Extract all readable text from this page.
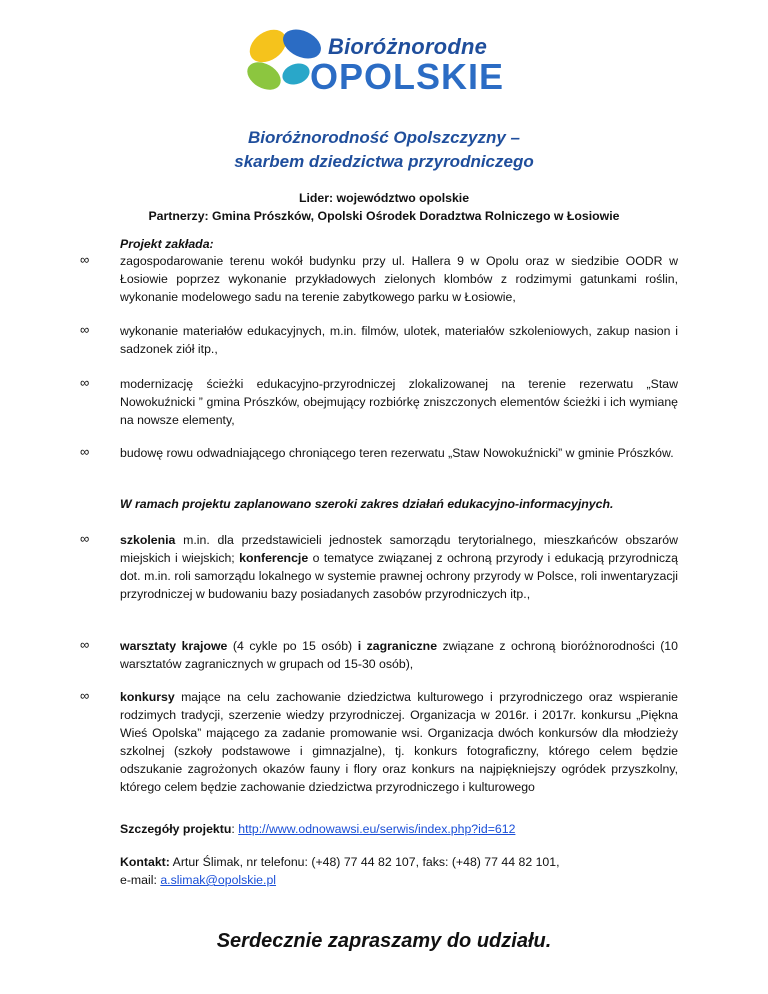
Bioróżnorodne
OPOLSKIE
Bioróżnorodność Opolszczyzny –
skarbem dziedzictwa przyrodniczego
Lider: województwo opolskie
Partnerzy: Gmina Prószków, Opolski Ośrodek Doradztwa Rolniczego w Łosiowie
Projekt zakłada:
∞ zagospodarowanie terenu wokół budynku przy ul. Hallera 9 w Opolu oraz w siedzibie OODR w Łosiowie poprzez wykonanie przykładowych zielonych klombów z rodzimymi gatunkami roślin, wykonanie modelowego sadu na terenie zabytkowego parku w Łosiowie,
∞ wykonanie materiałów edukacyjnych, m.in. filmów, ulotek, materiałów szkoleniowych, zakup nasion i sadzonek ziół itp.,
∞ modernizację ścieżki edukacyjno-przyrodniczej zlokalizowanej na terenie rezerwatu „Staw Nowokuźnicki ” gmina Prószków, obejmujący rozbiórkę zniszczonych elementów ścieżki i ich wymianę na nowsze elementy,
∞ budowę rowu odwadniającego chroniącego teren rezerwatu „Staw Nowokuźnicki” w gminie Prószków.
W ramach projektu zaplanowano szeroki zakres działań edukacyjno-informacyjnych.
∞ szkolenia m.in. dla przedstawicieli jednostek samorządu terytorialnego, mieszkańców obszarów miejskich i wiejskich; konferencje o tematyce związanej z ochroną przyrody i edukacją przyrodniczą dot. m.in. roli samorządu lokalnego w systemie prawnej ochrony przyrody w Polsce, roli inwentaryzacji przyrodniczej w budowaniu bazy posiadanych zasobów przyrodniczych itp.,
∞ warsztaty krajowe (4 cykle po 15 osób) i zagraniczne związane z ochroną bioróżnorodności (10 warsztatów zagranicznych w grupach od 15-30 osób),
∞ konkursy mające na celu zachowanie dziedzictwa kulturowego i przyrodniczego oraz wspieranie rodzimych tradycji, szerzenie wiedzy przyrodniczej. Organizacja w 2016r. i 2017r. konkursu „Piękna Wieś Opolska” mającego za zadanie promowanie wsi. Organizacja dwóch konkursów dla młodzieży szkolnej (szkoły podstawowe i gimnazjalne), tj. konkurs fotograficzny, którego celem będzie odszukanie zagrożonych okazów fauny i flory oraz konkurs na najpiękniejszy ogródek przyszkolny, którego celem będzie zachowanie dziedzictwa przyrodniczego i kulturowego
Szczegóły projektu: http://www.odnowawsi.eu/serwis/index.php?id=612
Kontakt: Artur Ślimak, nr telefonu: (+48) 77 44 82 107, faks: (+48) 77 44 82 101,
e-mail: a.slimak@opolskie.pl
Serdecznie zapraszamy do udziału.
